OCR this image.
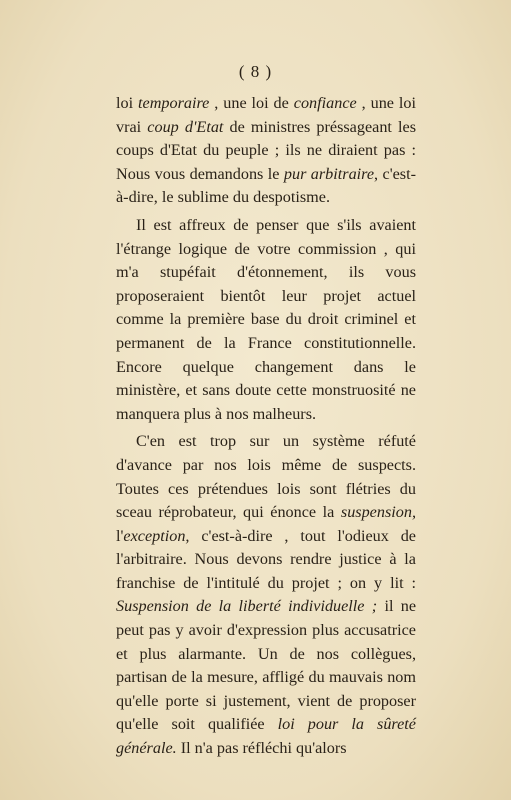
( 8 )

loi temporaire , une loi de confiance , une loi vrai coup d'Etat de ministres préssageant les coups d'Etat du peuple ; ils ne diraient pas : Nous vous demandons le pur arbitraire, c'est-à-dire, le sublime du despotisme.

Il est affreux de penser que s'ils avaient l'étrange logique de votre commission , qui m'a stupéfait d'étonnement, ils vous proposeraient bientôt leur projet actuel comme la première base du droit criminel et permanent de la France constitutionnelle. Encore quelque changement dans le ministère, et sans doute cette monstruosité ne manquera plus à nos malheurs.

C'en est trop sur un système réfuté d'avance par nos lois même de suspects. Toutes ces prétendues lois sont flétries du sceau réprobateur, qui énonce la suspension, l'exception, c'est-à-dire , tout l'odieux de l'arbitraire. Nous devons rendre justice à la franchise de l'intitulé du projet ; on y lit : Suspension de la liberté individuelle ; il ne peut pas y avoir d'expression plus accusatrice et plus alarmante. Un de nos collègues, partisan de la mesure, affligé du mauvais nom qu'elle porte si justement, vient de proposer qu'elle soit qualifiée loi pour la sûreté générale. Il n'a pas réfléchi qu'alors
